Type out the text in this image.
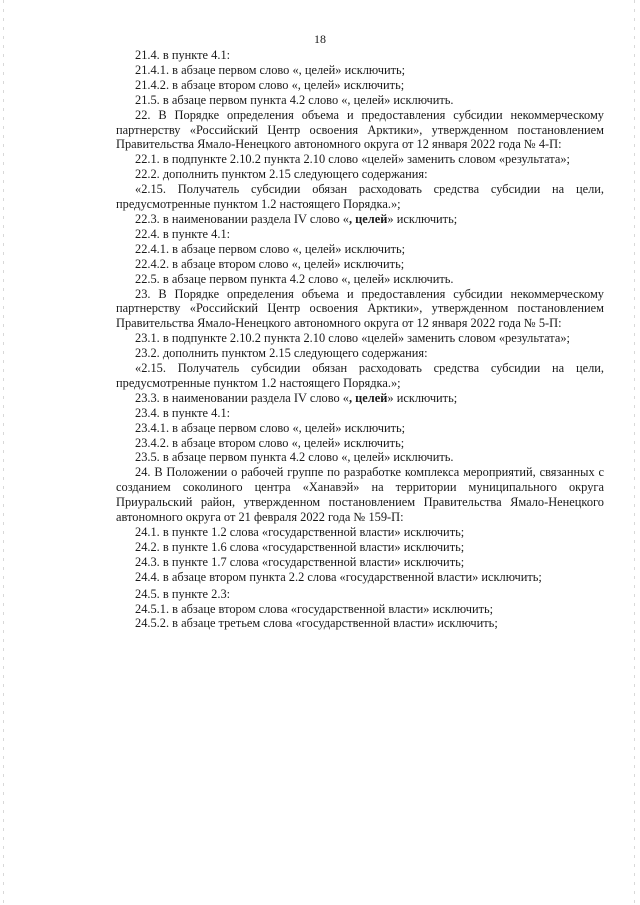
18

21.4. в пункте 4.1:

21.4.1. в абзаце первом слово «, целей» исключить;

21.4.2. в абзаце втором слово «, целей» исключить;

21.5. в абзаце первом пункта 4.2 слово «, целей» исключить.

22. В Порядке определения объема и предоставления субсидии некоммерческому партнерству «Российский Центр освоения Арктики», утвержденном постановлением Правительства Ямало-Ненецкого автономного округа от 12 января 2022 года № 4-П:

22.1. в подпункте 2.10.2 пункта 2.10 слово «целей» заменить словом «результата»;

22.2. дополнить пунктом 2.15 следующего содержания:

«2.15. Получатель субсидии обязан расходовать средства субсидии на цели, предусмотренные пунктом 1.2 настоящего Порядка.»;

22.3. в наименовании раздела IV слово «, целей» исключить;

22.4. в пункте 4.1:

22.4.1. в абзаце первом слово «, целей» исключить;

22.4.2. в абзаце втором слово «, целей» исключить;

22.5. в абзаце первом пункта 4.2 слово «, целей» исключить.

23. В Порядке определения объема и предоставления субсидии некоммерческому партнерству «Российский Центр освоения Арктики», утвержденном постановлением Правительства Ямало-Ненецкого автономного округа от 12 января 2022 года № 5-П:

23.1. в подпункте 2.10.2 пункта 2.10 слово «целей» заменить словом «результата»;

23.2. дополнить пунктом 2.15 следующего содержания:

«2.15. Получатель субсидии обязан расходовать средства субсидии на цели, предусмотренные пунктом 1.2 настоящего Порядка.»;

23.3. в наименовании раздела IV слово «, целей» исключить;

23.4. в пункте 4.1:

23.4.1. в абзаце первом слово «, целей» исключить;

23.4.2. в абзаце втором слово «, целей» исключить;

23.5. в абзаце первом пункта 4.2 слово «, целей» исключить.

24. В Положении о рабочей группе по разработке комплекса мероприятий, связанных с созданием соколиного центра «Ханавэй» на территории муниципального округа Приуральский район, утвержденном постановлением Правительства Ямало-Ненецкого автономного округа от 21 февраля 2022 года № 159-П:

24.1. в пункте 1.2 слова «государственной власти» исключить;

24.2. в пункте 1.6 слова «государственной власти» исключить;

24.3. в пункте 1.7 слова «государственной власти» исключить;

24.4. в абзаце втором пункта 2.2 слова «государственной власти» исключить;

24.5. в пункте 2.3:

24.5.1. в абзаце втором слова «государственной власти» исключить;

24.5.2. в абзаце третьем слова «государственной власти» исключить;
